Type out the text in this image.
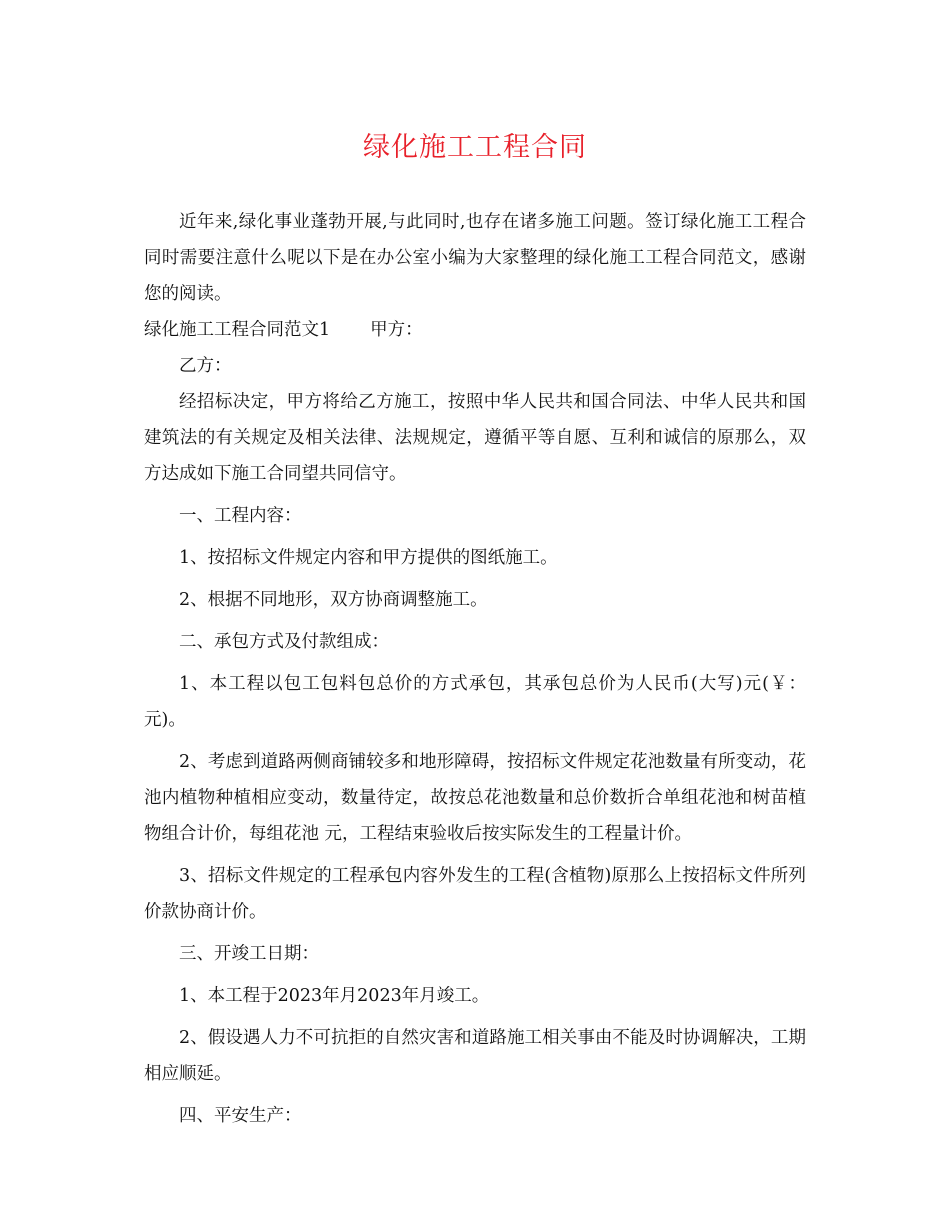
绿化施工工程合同

近年来,绿化事业蓬勃开展,与此同时,也存在诸多施工问题。签订绿化施工工程合同时需要注意什么呢以下是在办公室小编为大家整理的绿化施工工程合同范文，感谢您的阅读。

绿化施工工程合同范文1 甲方：

乙方：

经招标决定，甲方将给乙方施工，按照中华人民共和国合同法、中华人民共和国建筑法的有关规定及相关法律、法规规定，遵循平等自愿、互利和诚信的原那么，双方达成如下施工合同望共同信守。

一、工程内容：

1、按招标文件规定内容和甲方提供的图纸施工。

2、根据不同地形，双方协商调整施工。

二、承包方式及付款组成：

1、本工程以包工包料包总价的方式承包，其承包总价为人民币(大写)元(￥：元)。

2、考虑到道路两侧商铺较多和地形障碍，按招标文件规定花池数量有所变动，花池内植物种植相应变动，数量待定，故按总花池数量和总价数折合单组花池和树苗植物组合计价，每组花池 元，工程结束验收后按实际发生的工程量计价。

3、招标文件规定的工程承包内容外发生的工程(含植物)原那么上按招标文件所列价款协商计价。

三、开竣工日期：

1、本工程于2023年月2023年月竣工。

2、假设遇人力不可抗拒的自然灾害和道路施工相关事由不能及时协调解决，工期相应顺延。

四、平安生产：
